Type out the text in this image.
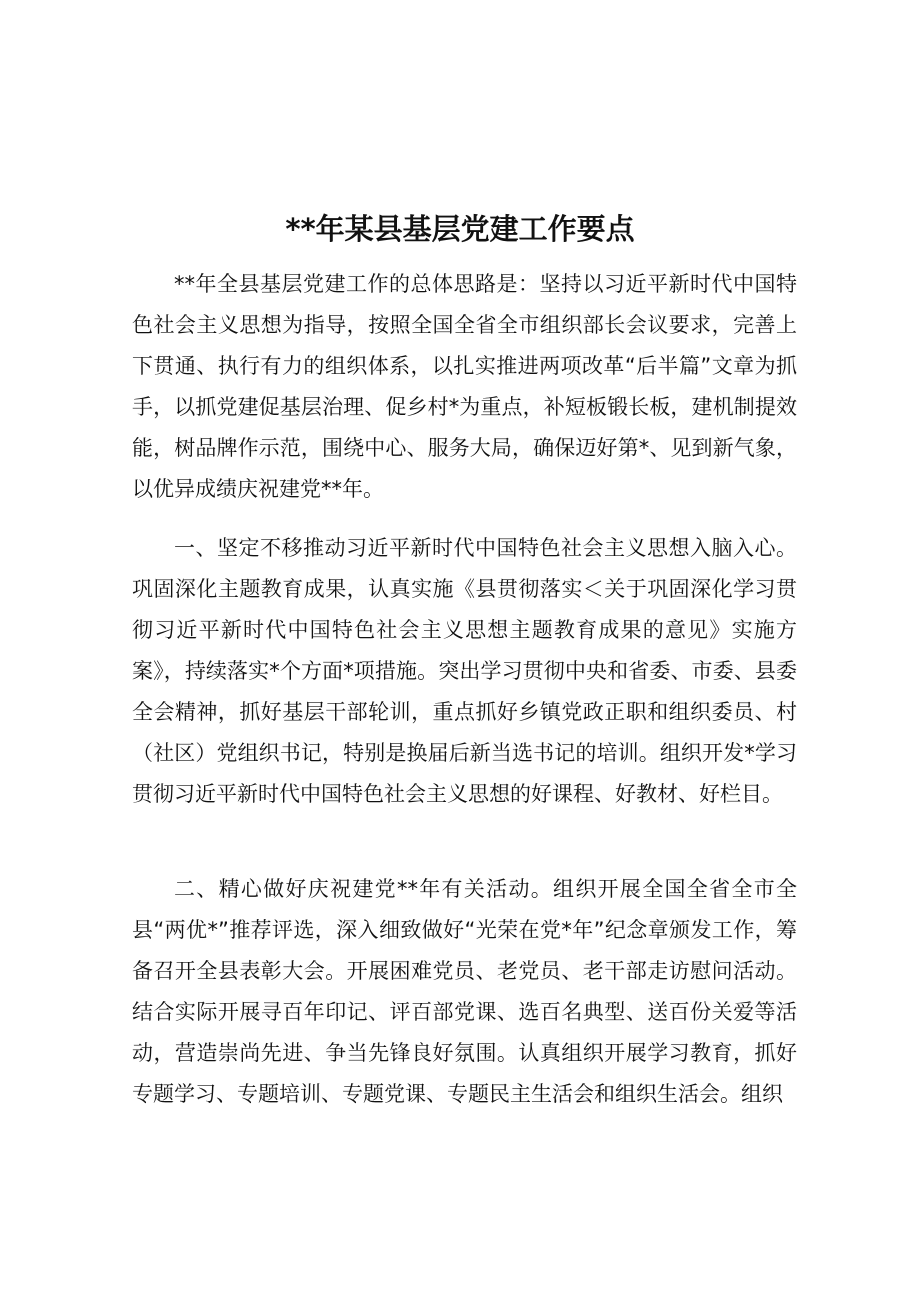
**年某县基层党建工作要点

**年全县基层党建工作的总体思路是：坚持以习近平新时代中国特色社会主义思想为指导，按照全国全省全市组织部长会议要求，完善上下贯通、执行有力的组织体系，以扎实推进两项改革“后半篇”文章为抓手，以抓党建促基层治理、促乡村*为重点，补短板锻长板，建机制提效能，树品牌作示范，围绕中心、服务大局，确保迈好第*、见到新气象，以优异成绩庆祝建党**年。

一、坚定不移推动习近平新时代中国特色社会主义思想入脑入心。巩固深化主题教育成果，认真实施《县贯彻落实＜关于巩固深化学习贯彻习近平新时代中国特色社会主义思想主题教育成果的意见》实施方案》，持续落实*个方面*项措施。突出学习贯彻中央和省委、市委、县委全会精神，抓好基层干部轮训，重点抓好乡镇党政正职和组织委员、村（社区）党组织书记，特别是换届后新当选书记的培训。组织开发*学习贯彻习近平新时代中国特色社会主义思想的好课程、好教材、好栏目。

二、精心做好庆祝建党**年有关活动。组织开展全国全省全市全县“两优*”推荐评选，深入细致做好“光荣在党*年”纪念章颁发工作，筹备召开全县表彰大会。开展困难党员、老党员、老干部走访慰问活动。结合实际开展寻百年印记、评百部党课、选百名典型、送百份关爱等活动，营造崇尚先进、争当先锋良好氛围。认真组织开展学习教育，抓好专题学习、专题培训、专题党课、专题民主生活会和组织生活会。组织
